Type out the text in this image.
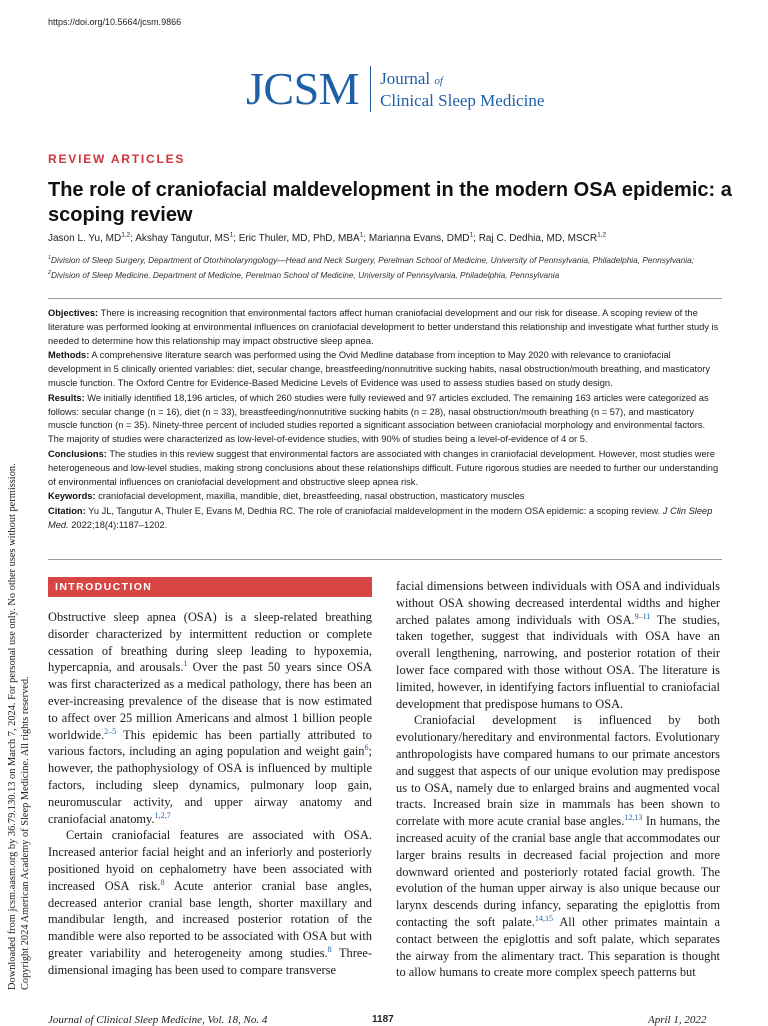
https://doi.org/10.5664/jcsm.9866
JCSM Journal of
Clinical Sleep Medicine
REVIEW ARTICLES
The role of craniofacial maldevelopment in the modern OSA epidemic: a scoping review
Jason L. Yu, MD$^{1,2}$; Akshay Tangutur, $MS^1$; Eric Thuler, MD, PhD, MBA$^1$; Marianna Evans, DMD$^1$; Raj C. Dedhia, MD, MSCR$^{1,2}$
$^1$Division of Sleep Surgery, Department of Otorhinolaryngology—Head and Neck Surgery, Perelman School of Medicine, University of Pennsylvania, Philadelphia, Pennsylvania; $^2$Division of Sleep Medicine, Department of Medicine, Perelman School of Medicine, University of Pennsylvania, Philadelphia, Pennsylvania

Objectives: There is increasing recognition that environmental factors affect human craniofacial development and our risk for disease. A scoping review of the literature was performed looking at environmental influences on craniofacial development to better understand this relationship and investigate what further study is needed to determine how this relationship may impact obstructive sleep apnea.

Methods: A comprehensive literature search was performed using the Ovid Medline database from inception to May 2020 with relevance to craniofacial development in 5 clinically oriented variables: diet, secular change, breastfeeding/nonnutritive sucking habits, nasal obstruction/mouth breathing, and masticatory muscle function. The Oxford Centre for Evidence-Based Medicine Levels of Evidence was used to assess studies based on study design.

Results: We initially identified 18,196 articles, of which 260 studies were fully reviewed and 97 articles excluded. The remaining 163 articles were categorized as follows: secular change (n = 16), diet (n = 33), breastfeeding/nonnutritive sucking habits (n = 28), nasal obstruction/mouth breathing (n = 57), and masticatory muscle function (n = 35). Ninety-three percent of included studies reported a significant association between craniofacial morphology and environmental factors. The majority of studies were characterized as low-level-of-evidence studies, with 90% of studies being a level-of-evidence of 4 or 5.

Conclusions: The studies in this review suggest that environmental factors are associated with changes in craniofacial development. However, most studies were heterogeneous and low-level studies, making strong conclusions about these relationships difficult. Future rigorous studies are needed to further our understanding of environmental influences on craniofacial development and obstructive sleep apnea risk.

Keywords: craniofacial development, maxilla, mandible, diet, breastfeeding, nasal obstruction, masticatory muscles

Citation: Yu JL, Tangutur A, Thuler E, Evans M, Dedhia RC. The role of craniofacial maldevelopment in the modern OSA epidemic: a scoping review. J Clin Sleep Med. 2022;18(4):1187–1202.

INTRODUCTION

Obstructive sleep apnea (OSA) is a sleep-related breathing disorder characterized by intermittent reduction or complete cessation of breathing during sleep leading to hypoxemia, hypercapnia, and arousals.$^1$ Over the past 50 years since OSA was first characterized as a medical pathology, there has been an ever-increasing prevalence of the disease that is now estimated to affect over 25 million Americans and almost 1 billion people worldwide.$^{2-5}$ This epidemic has been partially attributed to various factors, including an aging population and weight gain$^6$; however, the pathophysiology of OSA is influenced by multiple factors, including sleep dynamics, pulmonary loop gain, neuromuscular activity, and upper airway anatomy and craniofacial anatomy.$^{1,2,7}$

Certain craniofacial features are associated with OSA. Increased anterior facial height and an inferiorly and posteriorly positioned hyoid on cephalometry have been associated with increased OSA risk.$^8$ Acute anterior cranial base angles, decreased anterior cranial base length, shorter maxillary and mandibular length, and increased posterior rotation of the mandible were also reported to be associated with OSA but with greater variability and heterogeneity among studies.$^8$ Three-dimensional imaging has been used to compare transverse

facial dimensions between individuals with OSA and individuals without OSA showing decreased interdental widths and higher arched palates among individuals with OSA.$^{9-11}$ The studies, taken together, suggest that individuals with OSA have an overall lengthening, narrowing, and posterior rotation of their lower face compared with those without OSA. The literature is limited, however, in identifying factors influential to craniofacial development that predispose humans to OSA.

Craniofacial development is influenced by both evolutionary/hereditary and environmental factors. Evolutionary anthropologists have compared humans to our primate ancestors and suggest that aspects of our unique evolution may predispose us to OSA, namely due to enlarged brains and augmented vocal tracts. Increased brain size in mammals has been shown to correlate with more acute cranial base angles.$^{12,13}$ In humans, the increased acuity of the cranial base angle that accommodates our larger brains results in decreased facial projection and more downward oriented and posteriorly rotated facial growth. The evolution of the human upper airway is also unique because our larynx descends during infancy, separating the epiglottis from contacting the soft palate.$^{14,15}$ All other primates maintain a contact between the epiglottis and soft palate, which separates the airway from the alimentary tract. This separation is thought to allow humans to create more complex speech patterns but

Downloaded from jcsm.aasm.org by 36.79.130.13 on March 7, 2024. For personal use only. No other uses without permission. Copyright 2024 American Academy of Sleep Medicine. All rights reserved.
Journal of Clinical Sleep Medicine, Vol. 18, No. 4	1187	April 1, 2022
